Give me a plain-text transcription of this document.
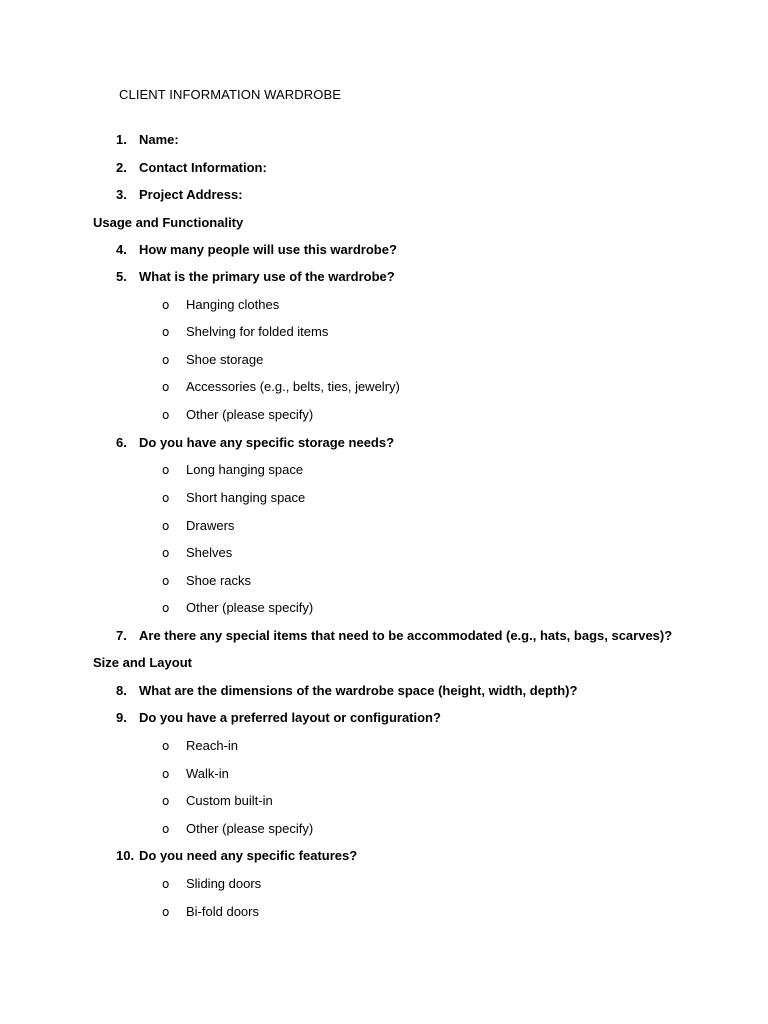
CLIENT INFORMATION WARDROBE
1. Name:
2. Contact Information:
3. Project Address:
Usage and Functionality
4. How many people will use this wardrobe?
5. What is the primary use of the wardrobe?
o Hanging clothes
o Shelving for folded items
o Shoe storage
o Accessories (e.g., belts, ties, jewelry)
o Other (please specify)
6. Do you have any specific storage needs?
o Long hanging space
o Short hanging space
o Drawers
o Shelves
o Shoe racks
o Other (please specify)
7. Are there any special items that need to be accommodated (e.g., hats, bags, scarves)?
Size and Layout
8. What are the dimensions of the wardrobe space (height, width, depth)?
9. Do you have a preferred layout or configuration?
o Reach-in
o Walk-in
o Custom built-in
o Other (please specify)
10. Do you need any specific features?
o Sliding doors
o Bi-fold doors
